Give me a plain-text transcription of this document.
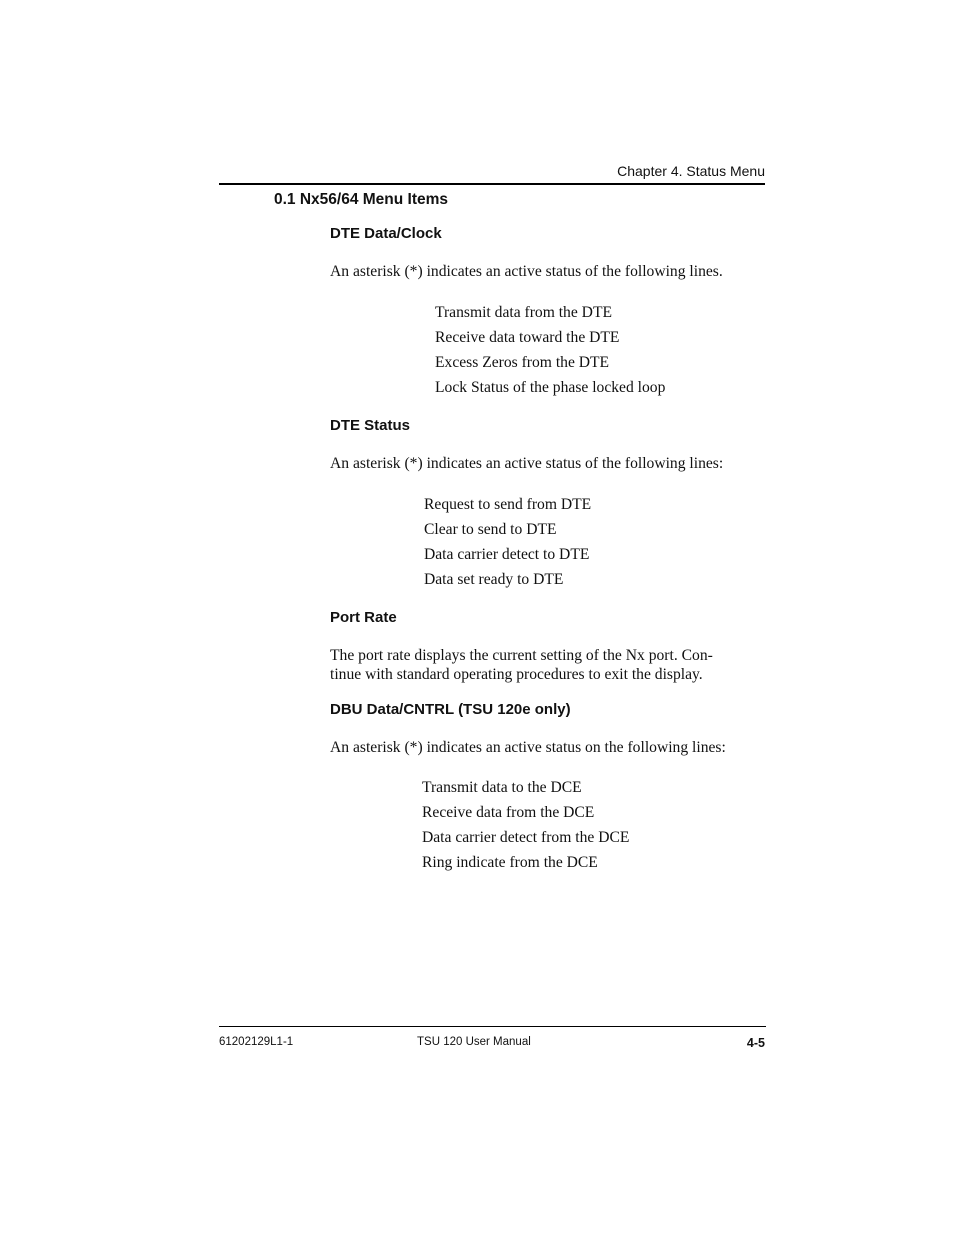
Chapter 4. Status Menu
0.1 Nx56/64 Menu Items
DTE Data/Clock
An asterisk (*) indicates an active status of the following lines.
Transmit data from the DTE
Receive data toward the DTE
Excess Zeros from the DTE
Lock Status of the phase locked loop
DTE Status
An asterisk (*) indicates an active status of the following lines:
Request to send from DTE
Clear to send to DTE
Data carrier detect to DTE
Data set ready to DTE
Port Rate
The port rate displays the current setting of the Nx port. Con-
tinue with standard operating procedures to exit the display.
DBU Data/CNTRL (TSU 120e only)
An asterisk (*) indicates an active status on the following lines:
Transmit data to the DCE
Receive data from the DCE
Data carrier detect from the DCE
Ring indicate from the DCE
61202129L1-1	TSU 120 User Manual	4-5
